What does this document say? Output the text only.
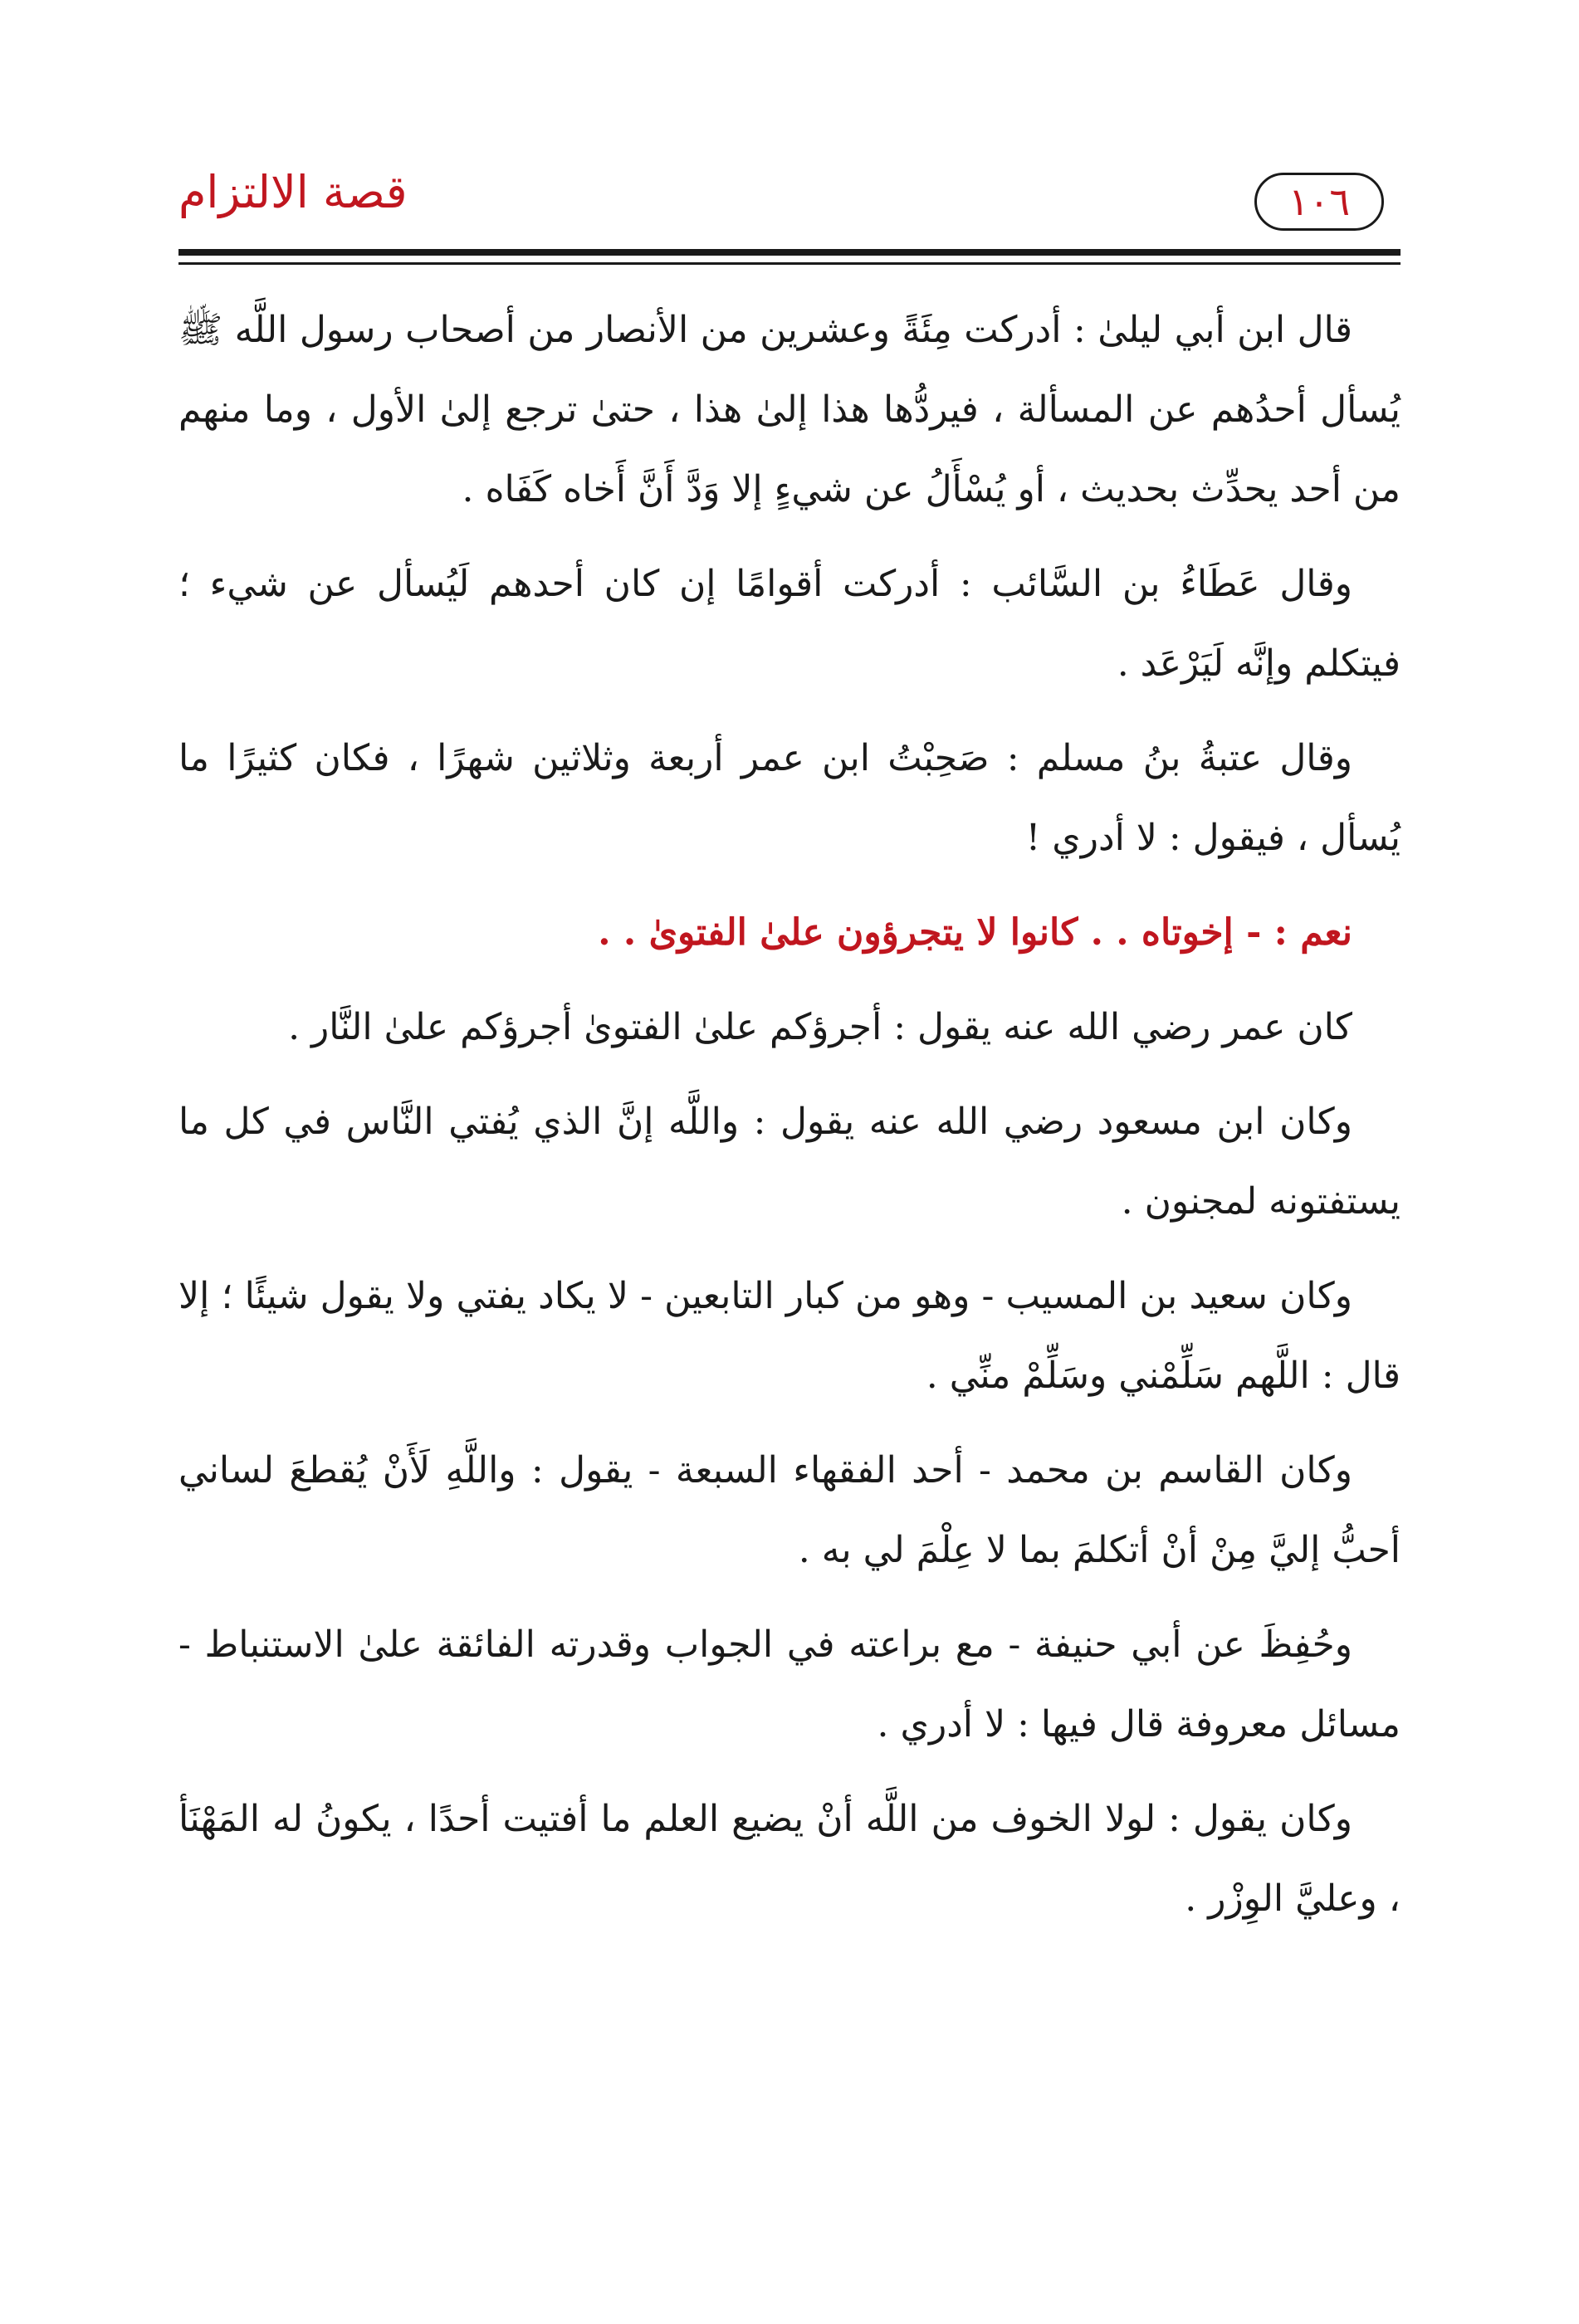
قصة الالتزام	١٠٦

قال ابن أبي ليلىٰ : أدركت مِئَةً وعشرين من الأنصار من أصحاب رسول اللَّه ﷺ يُسأل أحدُهم عن المسألة ، فيردُّها هذا إلىٰ هذا ، حتىٰ ترجع إلىٰ الأول ، وما منهم من أحد يحدِّث بحديث ، أو يُسْأَلُ عن شيءٍ إلا وَدَّ أَنَّ أَخاه كَفَاه .

وقال عَطَاءُ بن السَّائب : أدركت أقوامًا إن كان أحدهم لَيُسأل عن شيء ؛ فيتكلم وإنَّه لَيَرْعَد .

وقال عتبةُ بنُ مسلم : صَحِبْتُ ابن عمر أربعة وثلاثين شهرًا ، فكان كثيرًا ما يُسأل ، فيقول : لا أدري !

نعم : - إخوتاه . . كانوا لا يتجرؤون علىٰ الفتوىٰ . .

كان عمر رضي الله عنه يقول : أجرؤكم علىٰ الفتوىٰ أجرؤكم علىٰ النَّار .

وكان ابن مسعود رضي الله عنه يقول : واللَّه إنَّ الذي يُفتي النَّاس في كل ما يستفتونه لمجنون .

وكان سعيد بن المسيب - وهو من كبار التابعين - لا يكاد يفتي ولا يقول شيئًا ؛ إلا قال : اللَّهم سَلِّمْني وسَلِّمْ منِّي .

وكان القاسم بن محمد - أحد الفقهاء السبعة - يقول : واللَّهِ لَأَنْ يُقطعَ لساني أحبُّ إليَّ مِنْ أنْ أتكلمَ بما لا عِلْمَ لي به .

وحُفِظَ عن أبي حنيفة - مع براعته في الجواب وقدرته الفائقة علىٰ الاستنباط - مسائل معروفة قال فيها : لا أدري .

وكان يقول : لولا الخوف من اللَّه أنْ يضيع العلم ما أفتيت أحدًا ، يكونُ له المَهْنَأ ، وعليَّ الوِزْر .
